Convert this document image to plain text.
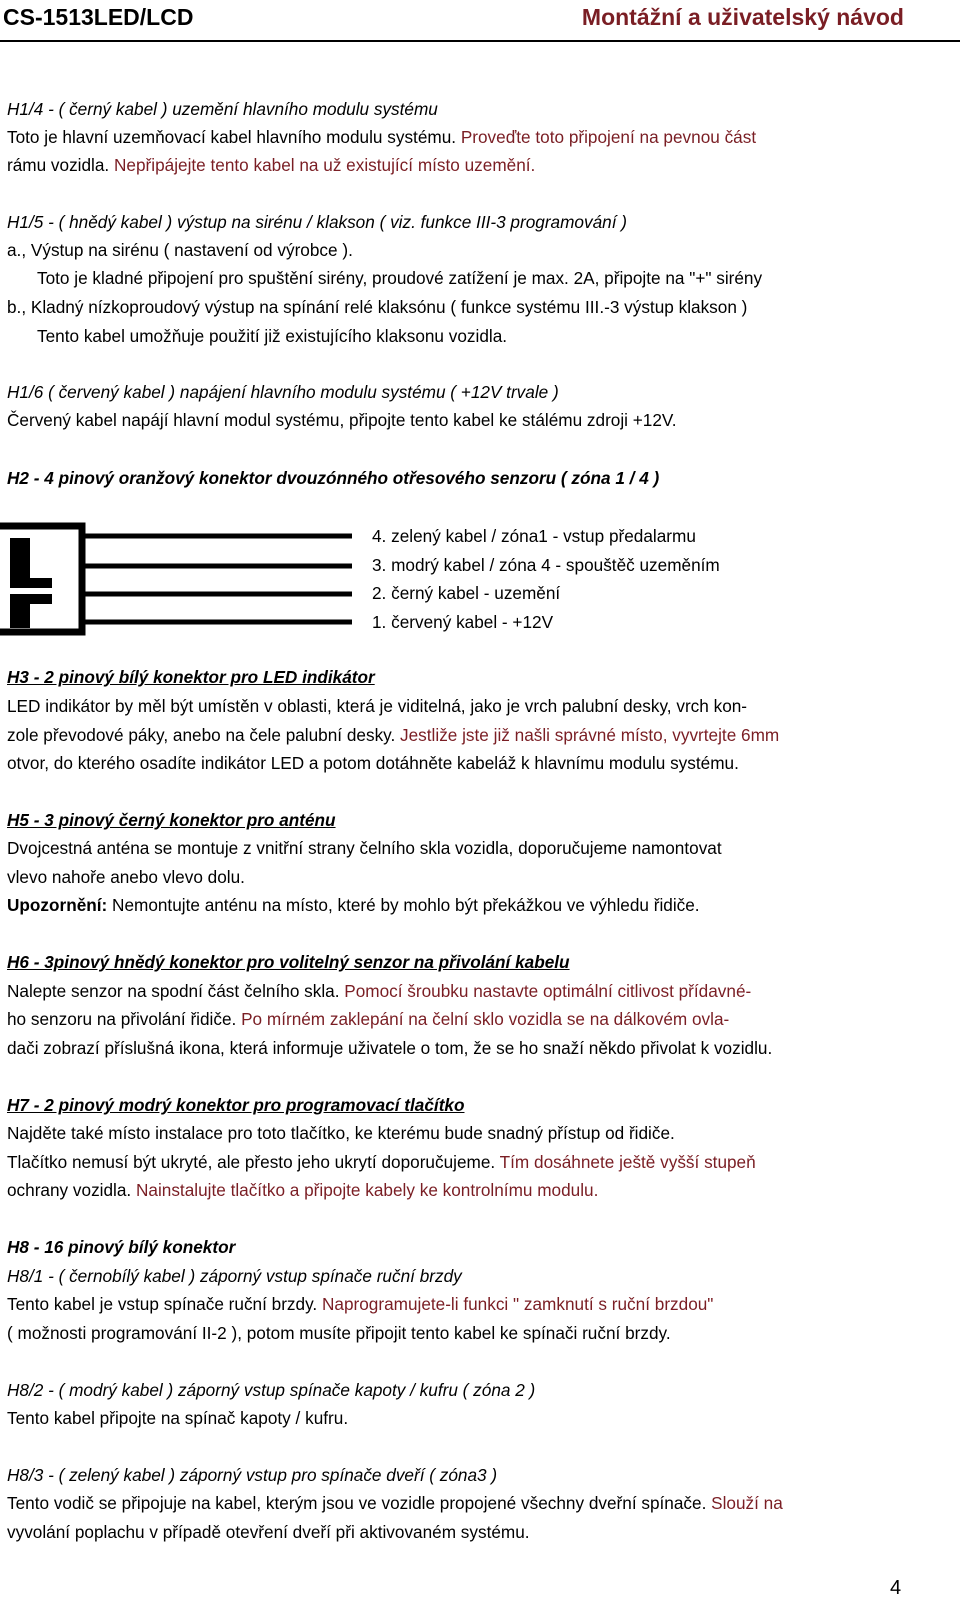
CS-1513LED/LCD	Montážní a uživatelský návod
H1/4 - ( černý kabel ) uzemění hlavního modulu systému
Toto je hlavní uzemňovací kabel hlavního modulu systému. Proveďte toto připojení na pevnou část
rámu vozidla. Nepřipájejte tento kabel na už existující místo uzemění.
H1/5 - ( hnědý kabel ) výstup na sirénu / klakson ( viz. funkce III-3 programování )
a., Výstup na sirénu ( nastavení od výrobce ).
Toto je kladné připojení pro spuštění sirény, proudové zatížení je max. 2A, připojte na "+" sirény
b., Kladný nízkoproudový výstup na spínání relé klaksónu ( funkce systému III.-3 výstup klakson )
Tento kabel umožňuje použití již existujícího klaksonu vozidla.
H1/6 ( červený kabel ) napájení hlavního modulu systému ( +12V trvale )
Červený kabel napájí hlavní modul systému, připojte tento kabel ke stálému zdroji +12V.
H2 - 4 pinový oranžový konektor dvouzónného otřesového senzoru ( zóna 1 / 4 )
4. zelený kabel / zóna1 - vstup předalarmu
3. modrý kabel / zóna 4 - spouštěč uzeměním
2. černý kabel - uzemění
1. červený kabel - +12V
H3 - 2 pinový bílý konektor pro LED indikátor
LED indikátor by měl být umístěn v oblasti, která je viditelná, jako je vrch palubní desky, vrch kon-
zole převodové páky, anebo na čele palubní desky. Jestliže jste již našli správné místo, vyvrtejte 6mm
otvor, do kterého osadíte indikátor LED a potom dotáhněte kabeláž k hlavnímu modulu systému.
H5 - 3 pinový černý konektor pro anténu
Dvojcestná anténa se montuje z vnitřní strany čelního skla vozidla, doporučujeme namontovat
vlevo nahoře anebo vlevo dolu.
Upozornění: Nemontujte anténu na místo, které by mohlo být překážkou ve výhledu řidiče.
H6 - 3pinový hnědý konektor pro volitelný senzor na přivolání kabelu
Nalepte senzor na spodní část čelního skla. Pomocí šroubku nastavte optimální citlivost přídavné-
ho senzoru na přivolání řidiče. Po mírném zaklepání na čelní sklo vozidla se na dálkovém ovla-
dači zobrazí příslušná ikona, která informuje uživatele o tom, že se ho snaží někdo přivolat k vozidlu.
H7 - 2 pinový modrý konektor pro programovací tlačítko
Najděte také místo instalace pro toto tlačítko, ke kterému bude snadný přístup od řidiče.
Tlačítko nemusí být ukryté, ale přesto jeho ukrytí doporučujeme. Tím dosáhnete ještě vyšší stupeň
ochrany vozidla. Nainstalujte tlačítko a připojte kabely ke kontrolnímu modulu.
H8 - 16 pinový bílý konektor
H8/1 - ( černobílý kabel ) záporný vstup spínače ruční brzdy
Tento kabel je vstup spínače ruční brzdy. Naprogramujete-li funkci " zamknutí s ruční brzdou"
( možnosti programování II-2 ), potom musíte připojit tento kabel ke spínači ruční brzdy.
H8/2 - ( modrý kabel ) záporný vstup spínače kapoty / kufru ( zóna 2 )
Tento kabel připojte na spínač kapoty / kufru.
H8/3 - ( zelený kabel ) záporný vstup pro spínače dveří ( zóna3 )
Tento vodič se připojuje na kabel, kterým jsou ve vozidle propojené všechny dveřní spínače. Slouží na
vyvolání poplachu v případě otevření dveří při aktivovaném systému.
4
